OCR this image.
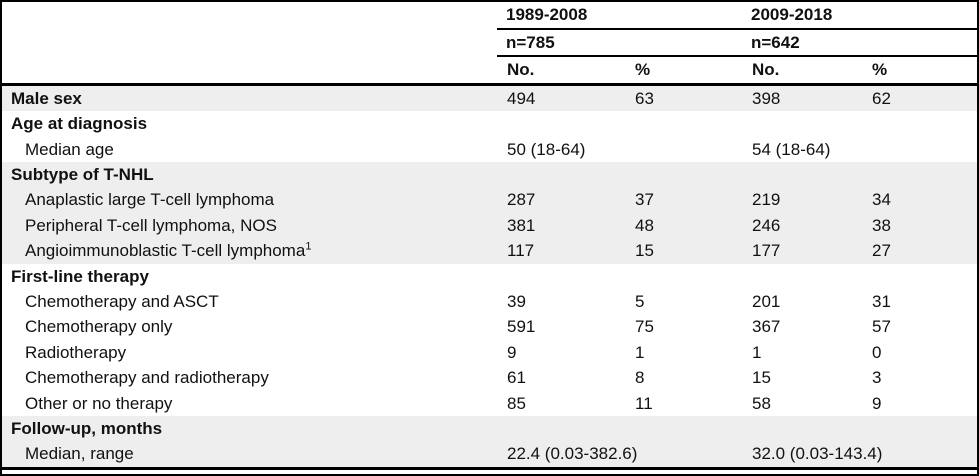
1989-2008	2009-2018
n=785	n=642
No.	%	No.	%
Male sex	494	63	398	62
Age at diagnosis
Median age	50 (18-64)	54 (18-64)
Subtype of T-NHL
Anaplastic large T-cell lymphoma	287	37	219	34
Peripheral T-cell lymphoma, NOS	381	48	246	38
Angioimmunoblastic T-cell lymphoma$^1$	117	15	177	27
First-line therapy
Chemotherapy and ASCT	39	5	201	31
Chemotherapy only	591	75	367	57
Radiotherapy	9	1	1	0
Chemotherapy and radiotherapy	61	8	15	3
Other or no therapy	85	11	58	9
Follow-up, months
Median, range	22.4 (0.03-382.6)	32.0 (0.03-143.4)
